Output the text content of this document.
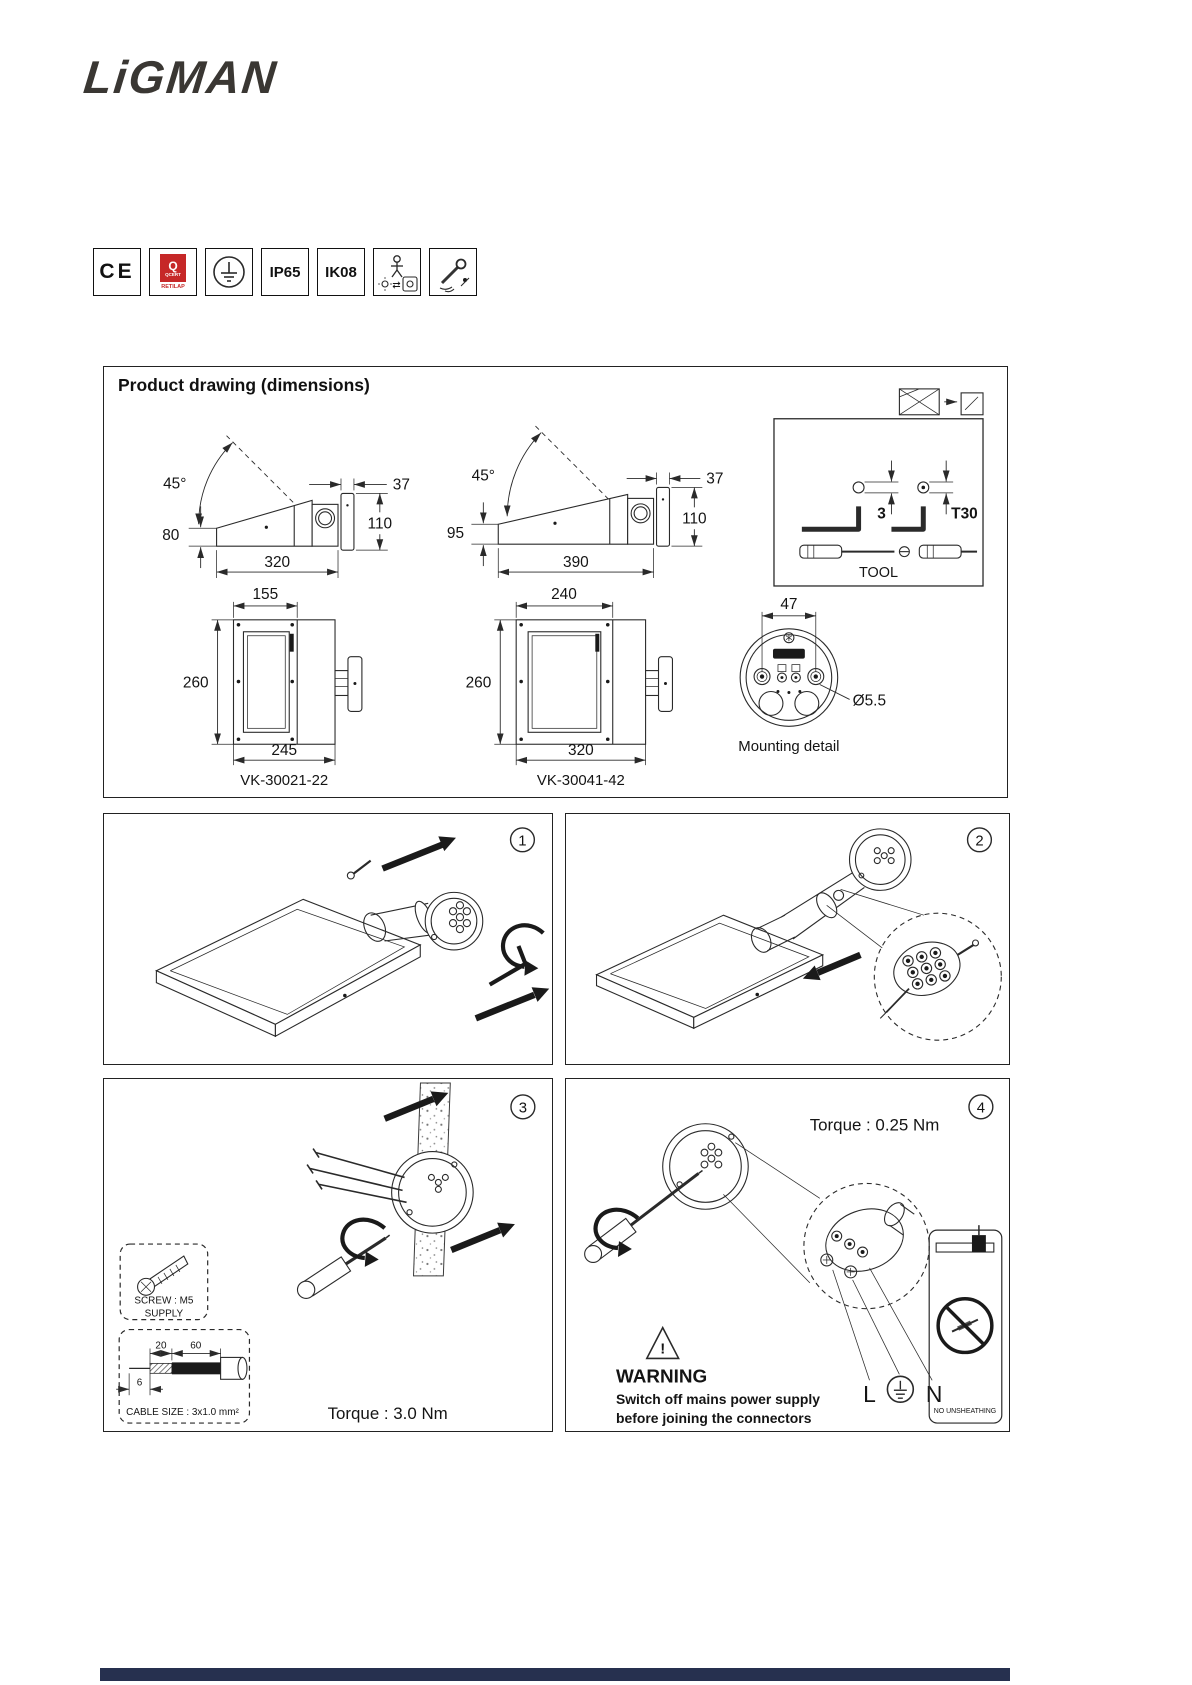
LiGMAN
CE	Q
QCERT
RETILAP
IP65 IK08
⇄
Product drawing (dimensions)
45°	37
110
80
320
45°	37
110
95
390
3	T30
TOOL
155
260
245
VK-30021-22
240
260
320
VK-30041-42
47
Ø5.5
Mounting detail
1	2
SCREW : M5
SUPPLY
20 60
6
CABLE SIZE : 3x1.0 mm²	Torque : 3.0 Nm
3
Torque : 0.25 Nm
L N
!
WARNING
Switch off mains power supply
before joining the connectors	NO UNSHEATHING
4
